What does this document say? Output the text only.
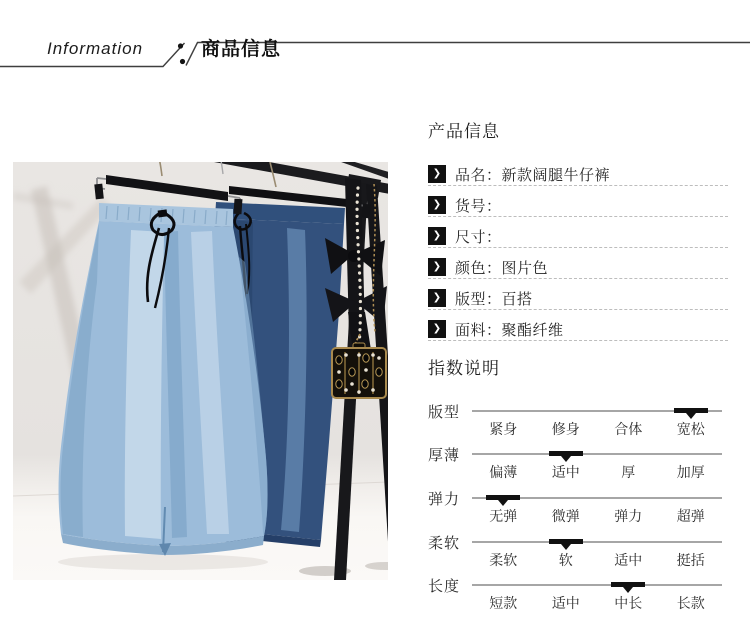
Information	商品信息
产品信息
❯ 品名： 新款阔腿牛仔裤
❯ 货号：
❯ 尺寸：
❯ 颜色： 图片色
❯ 版型： 百搭
❯ 面料： 聚酯纤维
指数说明
版型
紧身	修身	合体	宽松
厚薄
偏薄	适中	厚	加厚
弹力
无弹	微弹	弹力	超弹
柔软
柔软	软	适中	挺括
长度
短款	适中	中长	长款
